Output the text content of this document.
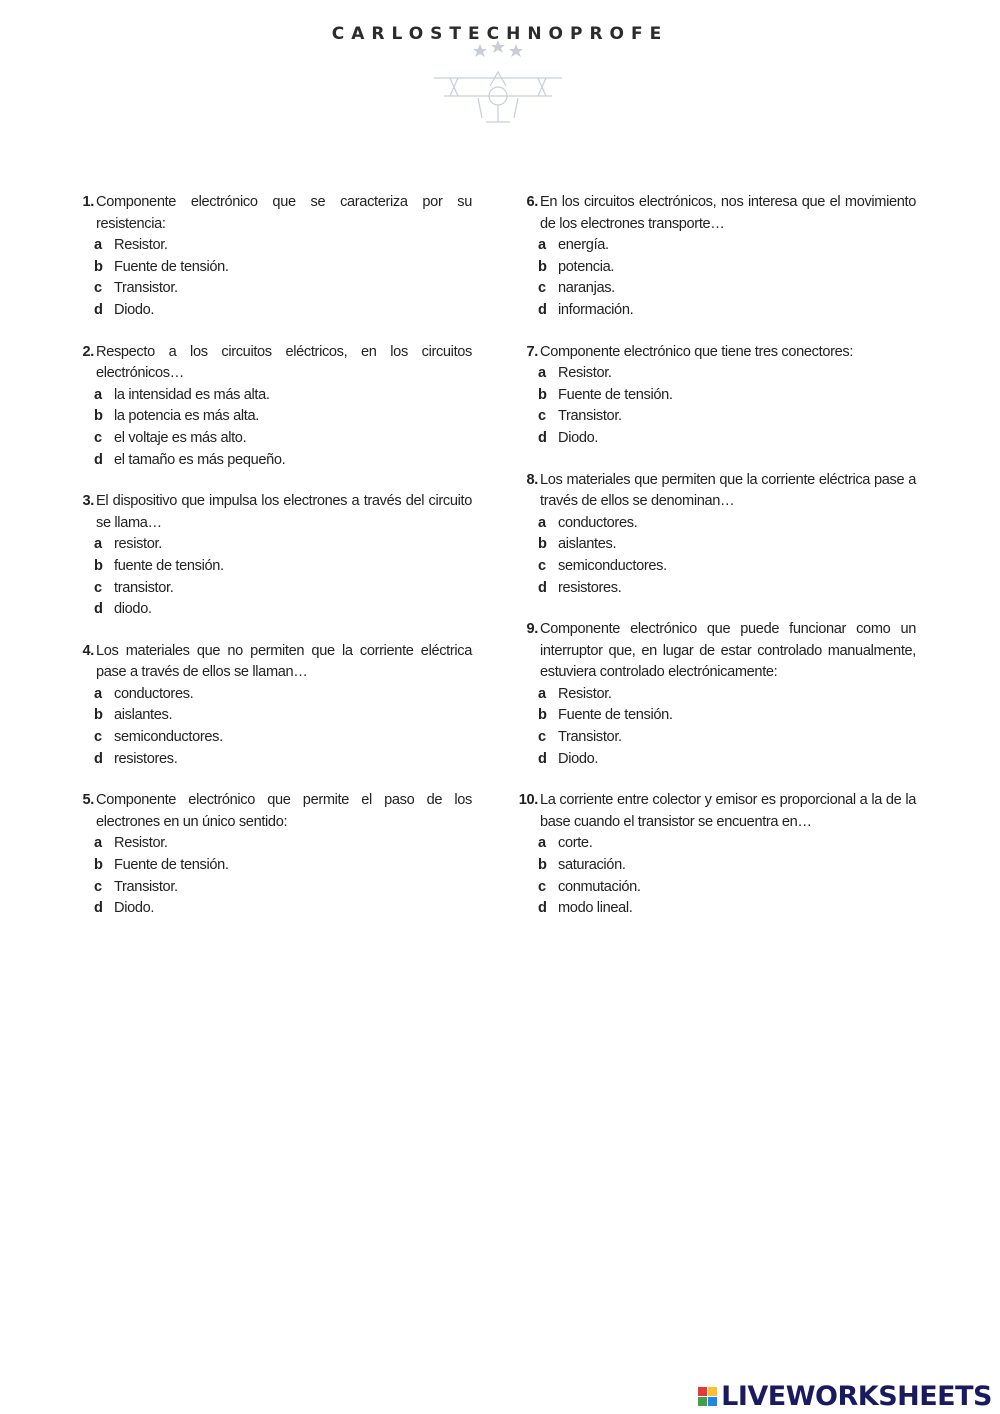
CARLOSTECHNOPROFE
1. Componente electrónico que se caracteriza por su resistencia:
a Resistor.
b Fuente de tensión.
c Transistor.
d Diodo.
2. Respecto a los circuitos eléctricos, en los circuitos electrónicos…
a la intensidad es más alta.
b la potencia es más alta.
c el voltaje es más alto.
d el tamaño es más pequeño.
3. El dispositivo que impulsa los electrones a través del circuito se llama…
a resistor.
b fuente de tensión.
c transistor.
d diodo.
4. Los materiales que no permiten que la corriente eléctrica pase a través de ellos se llaman…
a conductores.
b aislantes.
c semiconductores.
d resistores.
5. Componente electrónico que permite el paso de los electrones en un único sentido:
a Resistor.
b Fuente de tensión.
c Transistor.
d Diodo.
6. En los circuitos electrónicos, nos interesa que el movimiento de los electrones transporte…
a energía.
b potencia.
c naranjas.
d información.
7. Componente electrónico que tiene tres conectores:
a Resistor.
b Fuente de tensión.
c Transistor.
d Diodo.
8. Los materiales que permiten que la corriente eléctrica pase a través de ellos se denominan…
a conductores.
b aislantes.
c semiconductores.
d resistores.
9. Componente electrónico que puede funcionar como un interruptor que, en lugar de estar controlado manualmente, estuviera controlado electrónicamente:
a Resistor.
b Fuente de tensión.
c Transistor.
d Diodo.
10. La corriente entre colector y emisor es proporcional a la de la base cuando el transistor se encuentra en…
a corte.
b saturación.
c conmutación.
d modo lineal.
LIVEWORKSHEETS
